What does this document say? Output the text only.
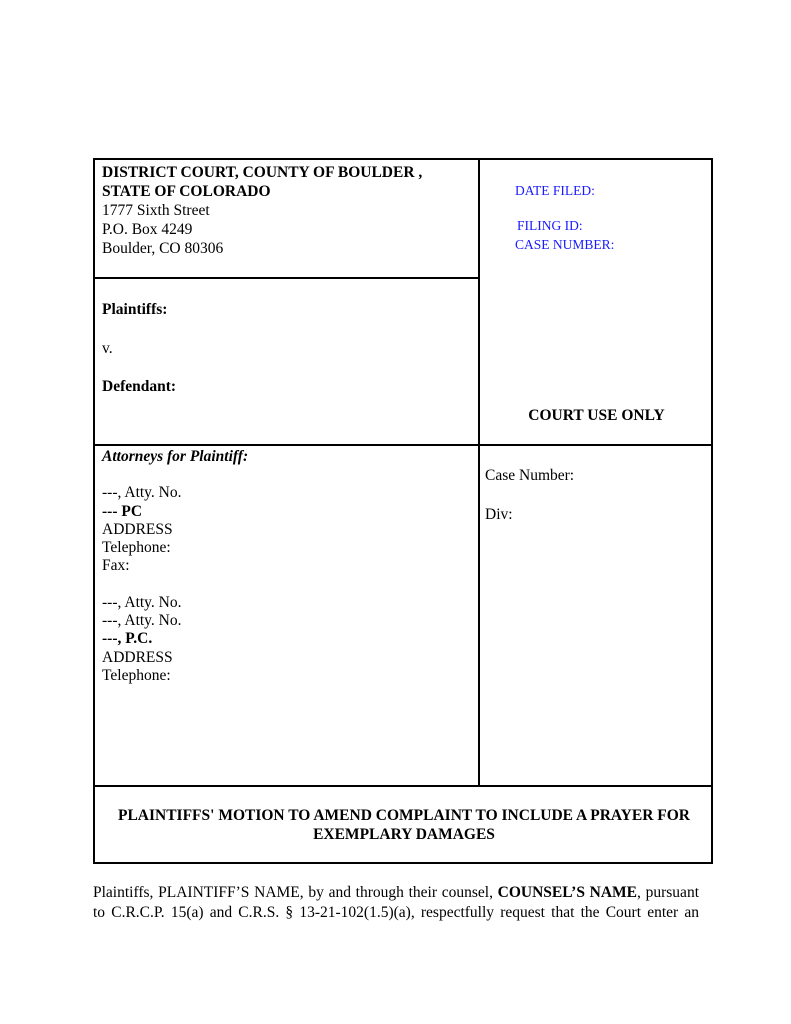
DISTRICT COURT, COUNTY OF BOULDER ,
STATE OF COLORADO
1777 Sixth Street
P.O. Box 4249
Boulder, CO 80306
DATE FILED:
FILING ID:
CASE NUMBER:
Plaintiffs:
v.
Defendant:
COURT USE ONLY
Attorneys for Plaintiff:
---, Atty. No.
--- PC
ADDRESS
Telephone:
Fax:
---, Atty. No.
---, Atty. No.
---, P.C.
ADDRESS
Telephone:
Case Number:
Div:
PLAINTIFFS' MOTION TO AMEND COMPLAINT TO INCLUDE A PRAYER FOR
EXEMPLARY DAMAGES
Plaintiffs, PLAINTIFF’S NAME, by and through their counsel, COUNSEL’S NAME, pursuant to C.R.C.P. 15(a) and C.R.S. § 13-21-102(1.5)(a), respectfully request that the Court enter an
